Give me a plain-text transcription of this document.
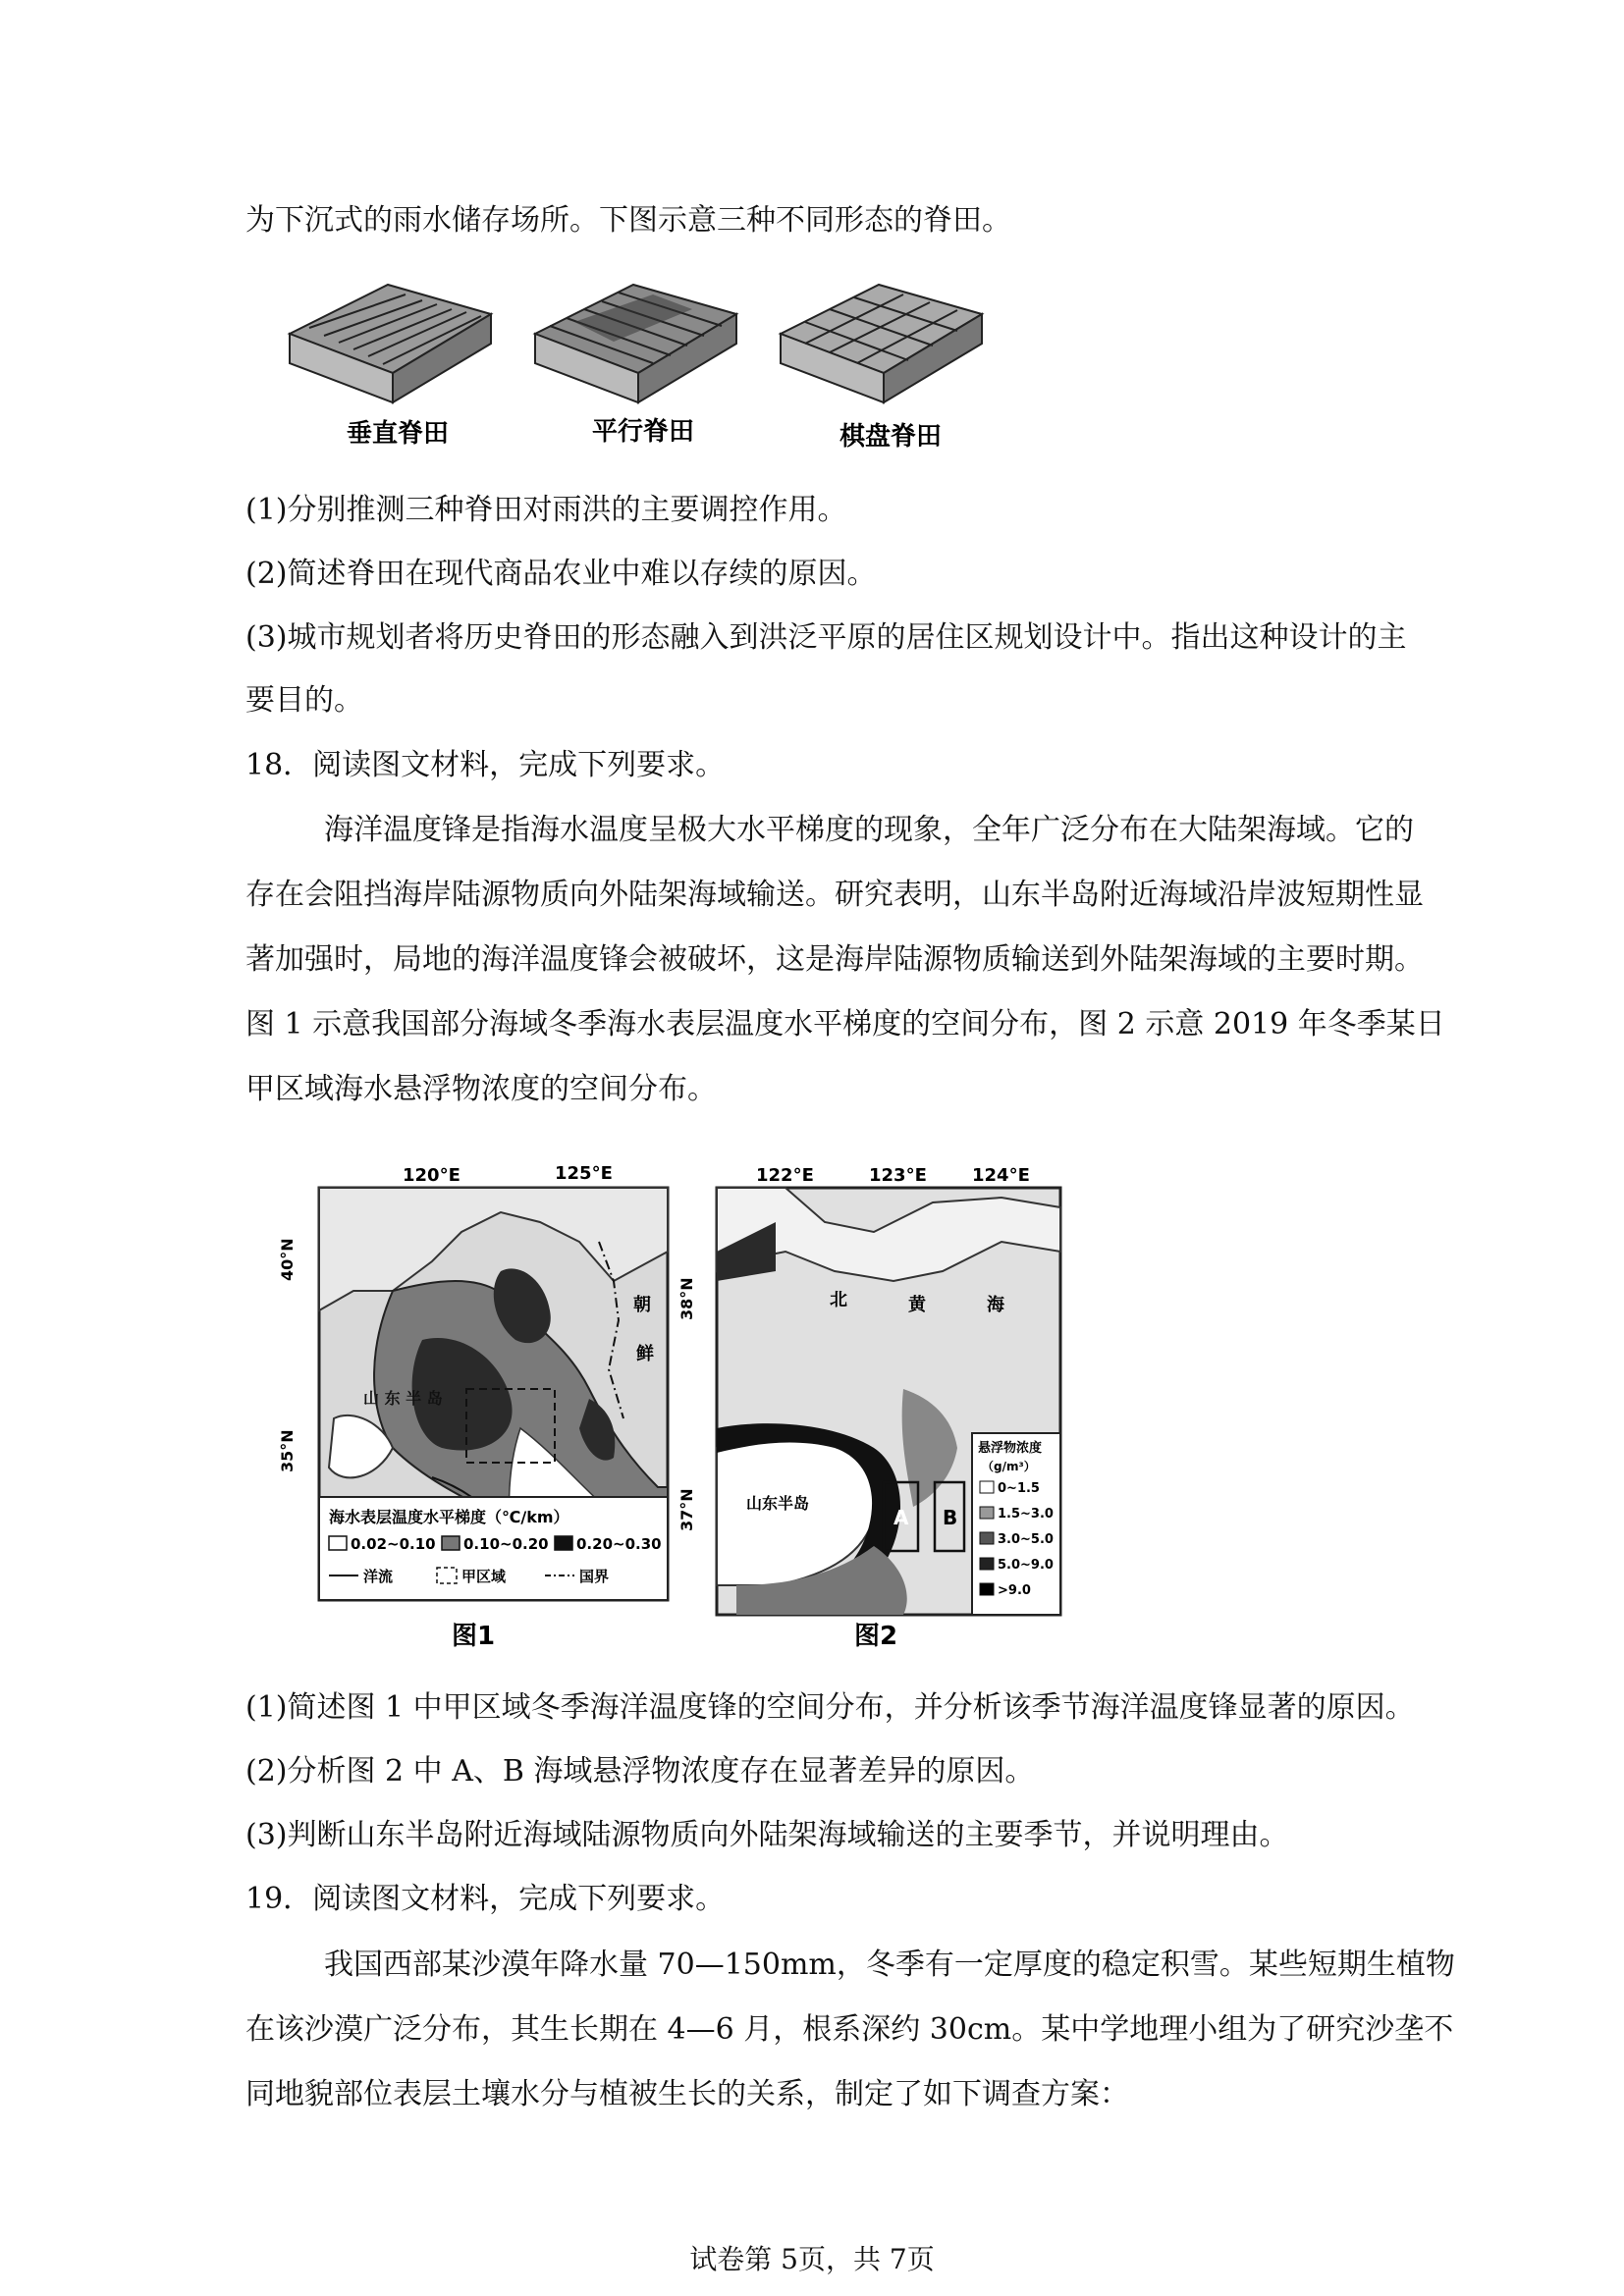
为下沉式的雨水储存场所。下图示意三种不同形态的脊田。
垂直脊田	平行脊田	棋盘脊田
(1)分别推测三种脊田对雨洪的主要调控作用。
(2)简述脊田在现代商品农业中难以存续的原因。
(3)城市规划者将历史脊田的形态融入到洪泛平原的居住区规划设计中。指出这种设计的主
要目的。
18．阅读图文材料，完成下列要求。
海洋温度锋是指海水温度呈极大水平梯度的现象，全年广泛分布在大陆架海域。它的
存在会阻挡海岸陆源物质向外陆架海域输送。研究表明，山东半岛附近海域沿岸波短期性显
著加强时，局地的海洋温度锋会被破坏，这是海岸陆源物质输送到外陆架海域的主要时期。
图 1 示意我国部分海域冬季海水表层温度水平梯度的空间分布，图 2 示意 2019 年冬季某日
甲区域海水悬浮物浓度的空间分布。
120°E	125°E
40°N
35°N
朝
鲜
山 东 半 岛
海水表层温度水平梯度（℃/km）
0.02~0.10 0.10~0.20 0.20~0.30
洋流	甲区域	国界
图1
122°E	123°E	124°E
38°N
37°N	A B
北	黄	海
山东半岛
悬浮物浓度
（g/m³）
0~1.5
1.5~3.0
3.0~5.0
5.0~9.0
>9.0
图2
(1)简述图 1 中甲区域冬季海洋温度锋的空间分布，并分析该季节海洋温度锋显著的原因。
(2)分析图 2 中 A、B 海域悬浮物浓度存在显著差异的原因。
(3)判断山东半岛附近海域陆源物质向外陆架海域输送的主要季节，并说明理由。
19．阅读图文材料，完成下列要求。
我国西部某沙漠年降水量 70—150mm，冬季有一定厚度的稳定积雪。某些短期生植物
在该沙漠广泛分布，其生长期在 4—6 月，根系深约 30cm。某中学地理小组为了研究沙垄不
同地貌部位表层土壤水分与植被生长的关系，制定了如下调查方案：
试卷第 5页，共 7页
